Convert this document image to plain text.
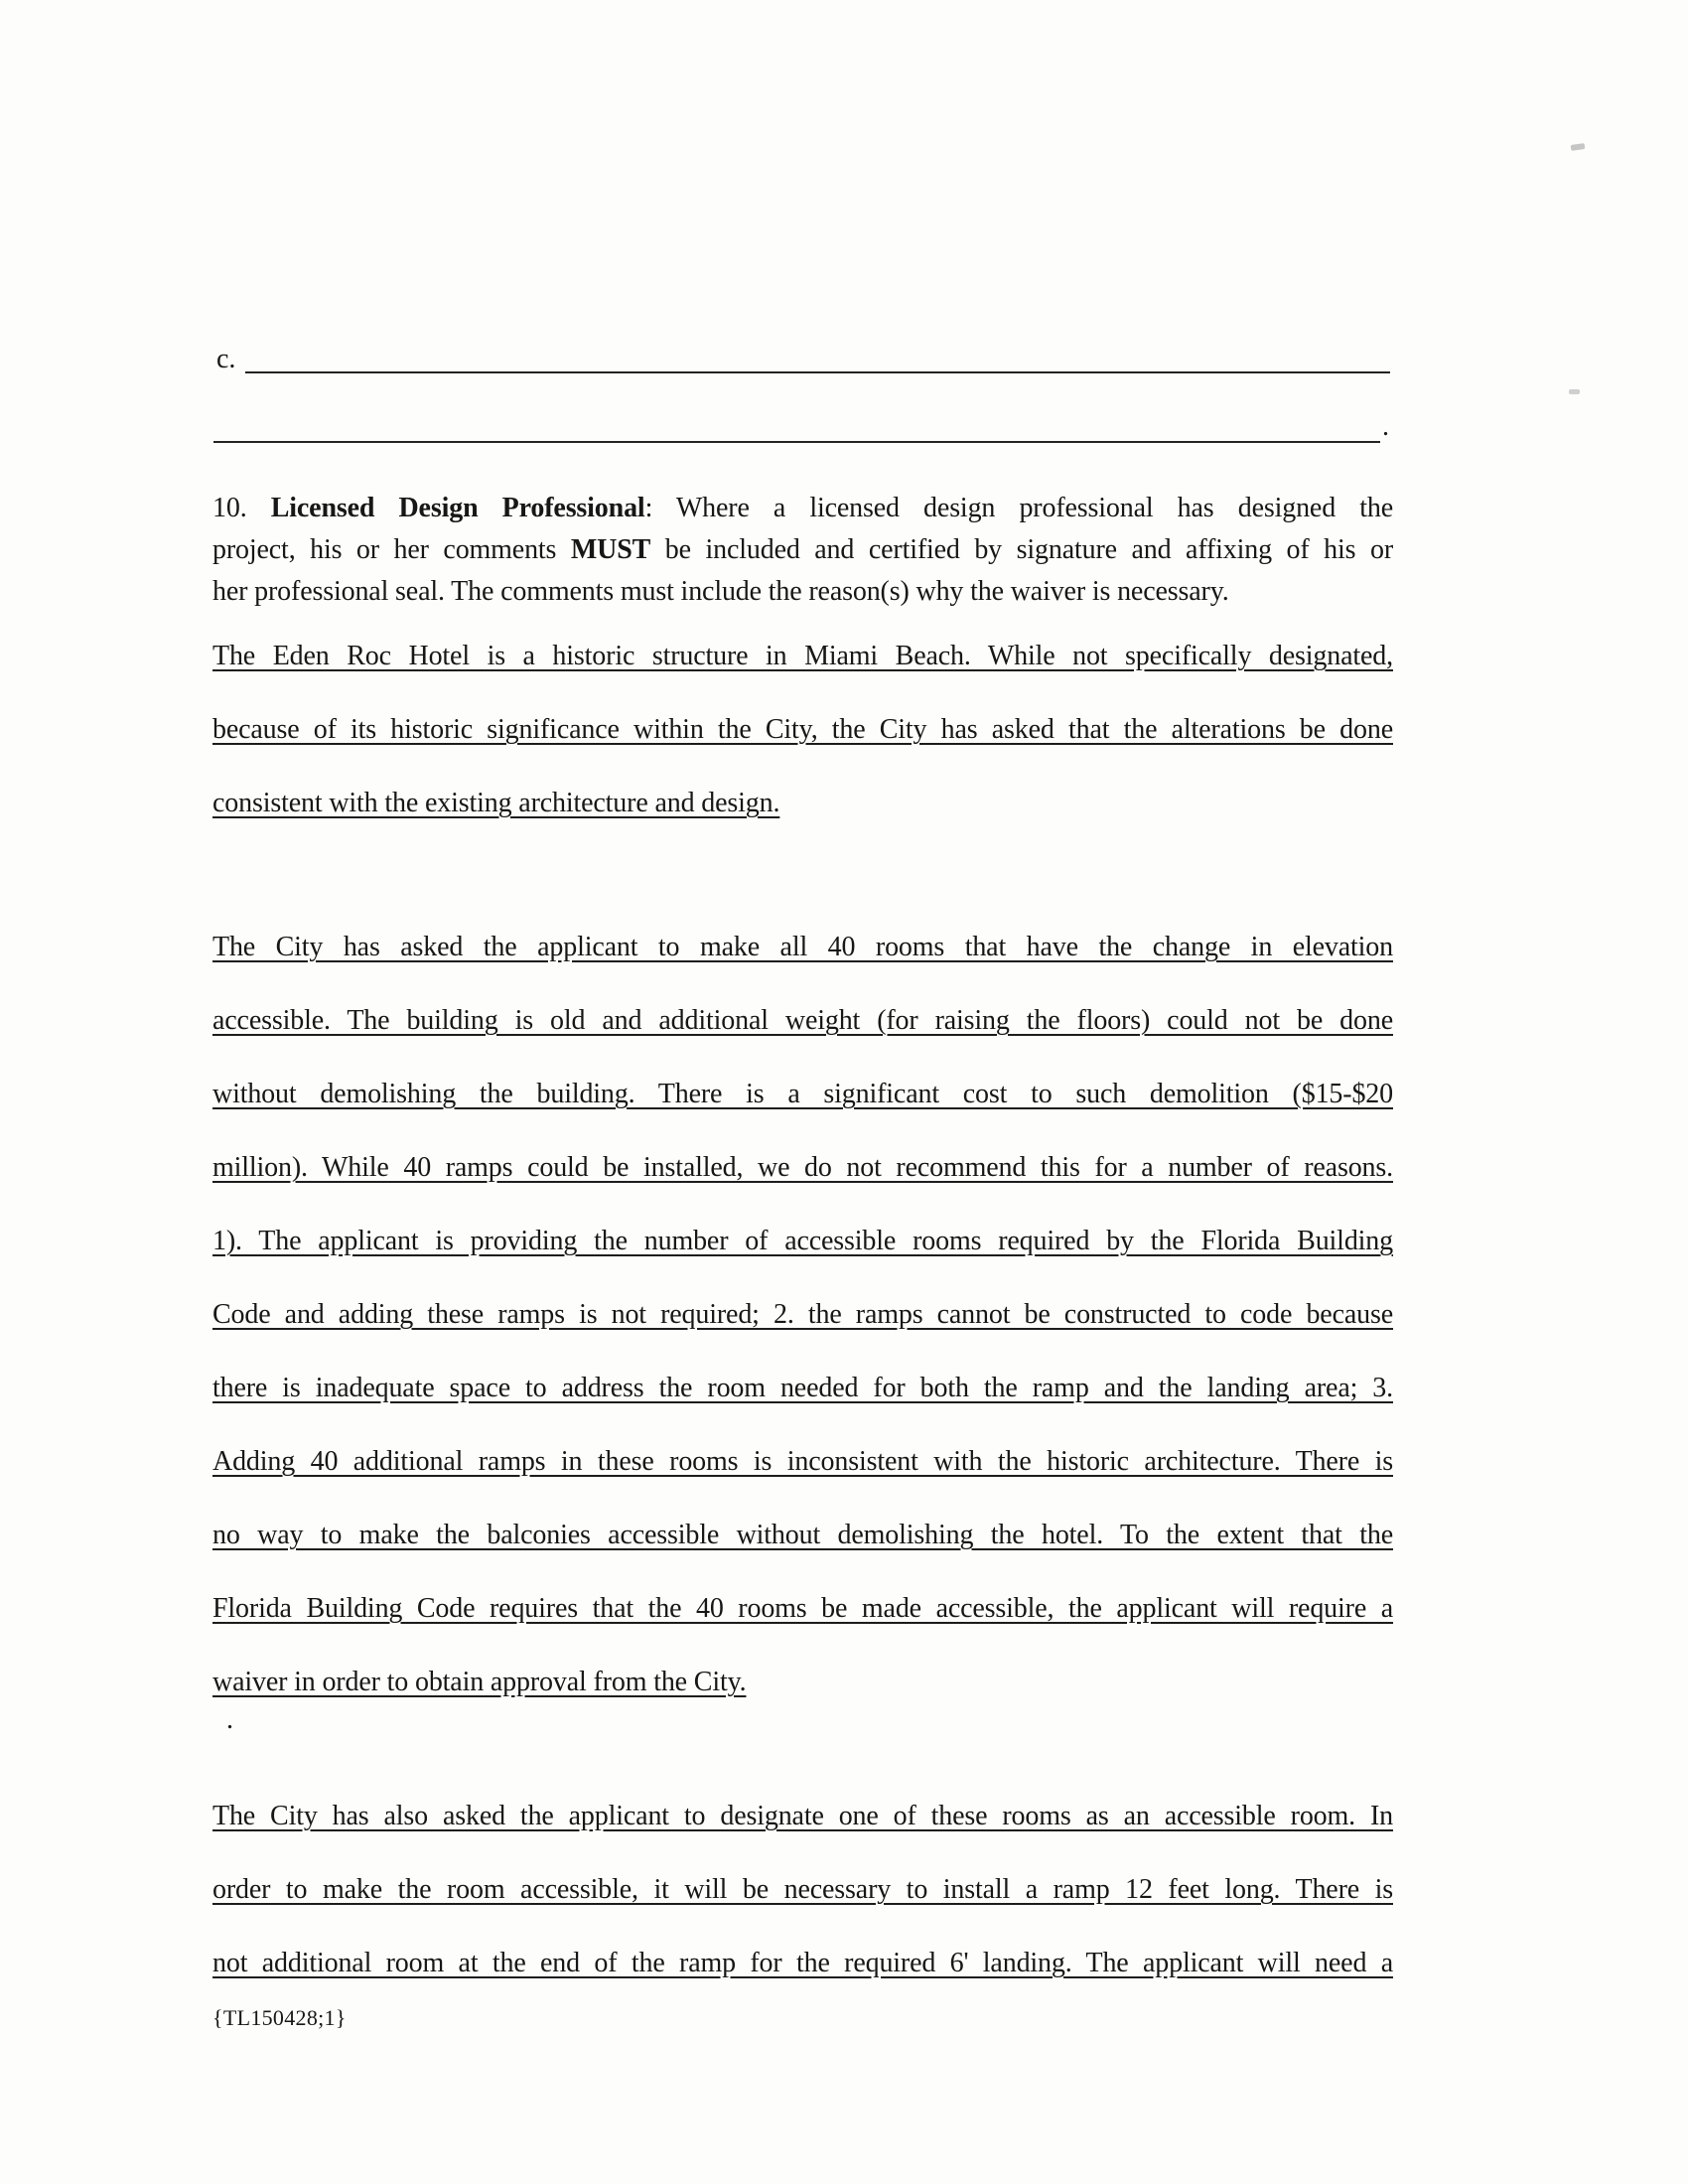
c.
.
10. Licensed Design Professional: Where a licensed design professional has designed the
project, his or her comments MUST be included and certified by signature and affixing of his or
her professional seal. The comments must include the reason(s) why the waiver is necessary.
The Eden Roc Hotel is a historic structure in Miami Beach. While not specifically designated,
because of its historic significance within the City, the City has asked that the alterations be done
consistent with the existing architecture and design.
The City has asked the applicant to make all 40 rooms that have the change in elevation
accessible. The building is old and additional weight (for raising the floors) could not be done
without demolishing the building. There is a significant cost to such demolition ($15-$20
million). While 40 ramps could be installed, we do not recommend this for a number of reasons.
1). The applicant is providing the number of accessible rooms required by the Florida Building
Code and adding these ramps is not required; 2. the ramps cannot be constructed to code because
there is inadequate space to address the room needed for both the ramp and the landing area; 3.
Adding 40 additional ramps in these rooms is inconsistent with the historic architecture. There is
no way to make the balconies accessible without demolishing the hotel. To the extent that the
Florida Building Code requires that the 40 rooms be made accessible, the applicant will require a
waiver in order to obtain approval from the City.
.
The City has also asked the applicant to designate one of these rooms as an accessible room. In
order to make the room accessible, it will be necessary to install a ramp 12 feet long. There is
not additional room at the end of the ramp for the required 6' landing. The applicant will need a
{TL150428;1}
